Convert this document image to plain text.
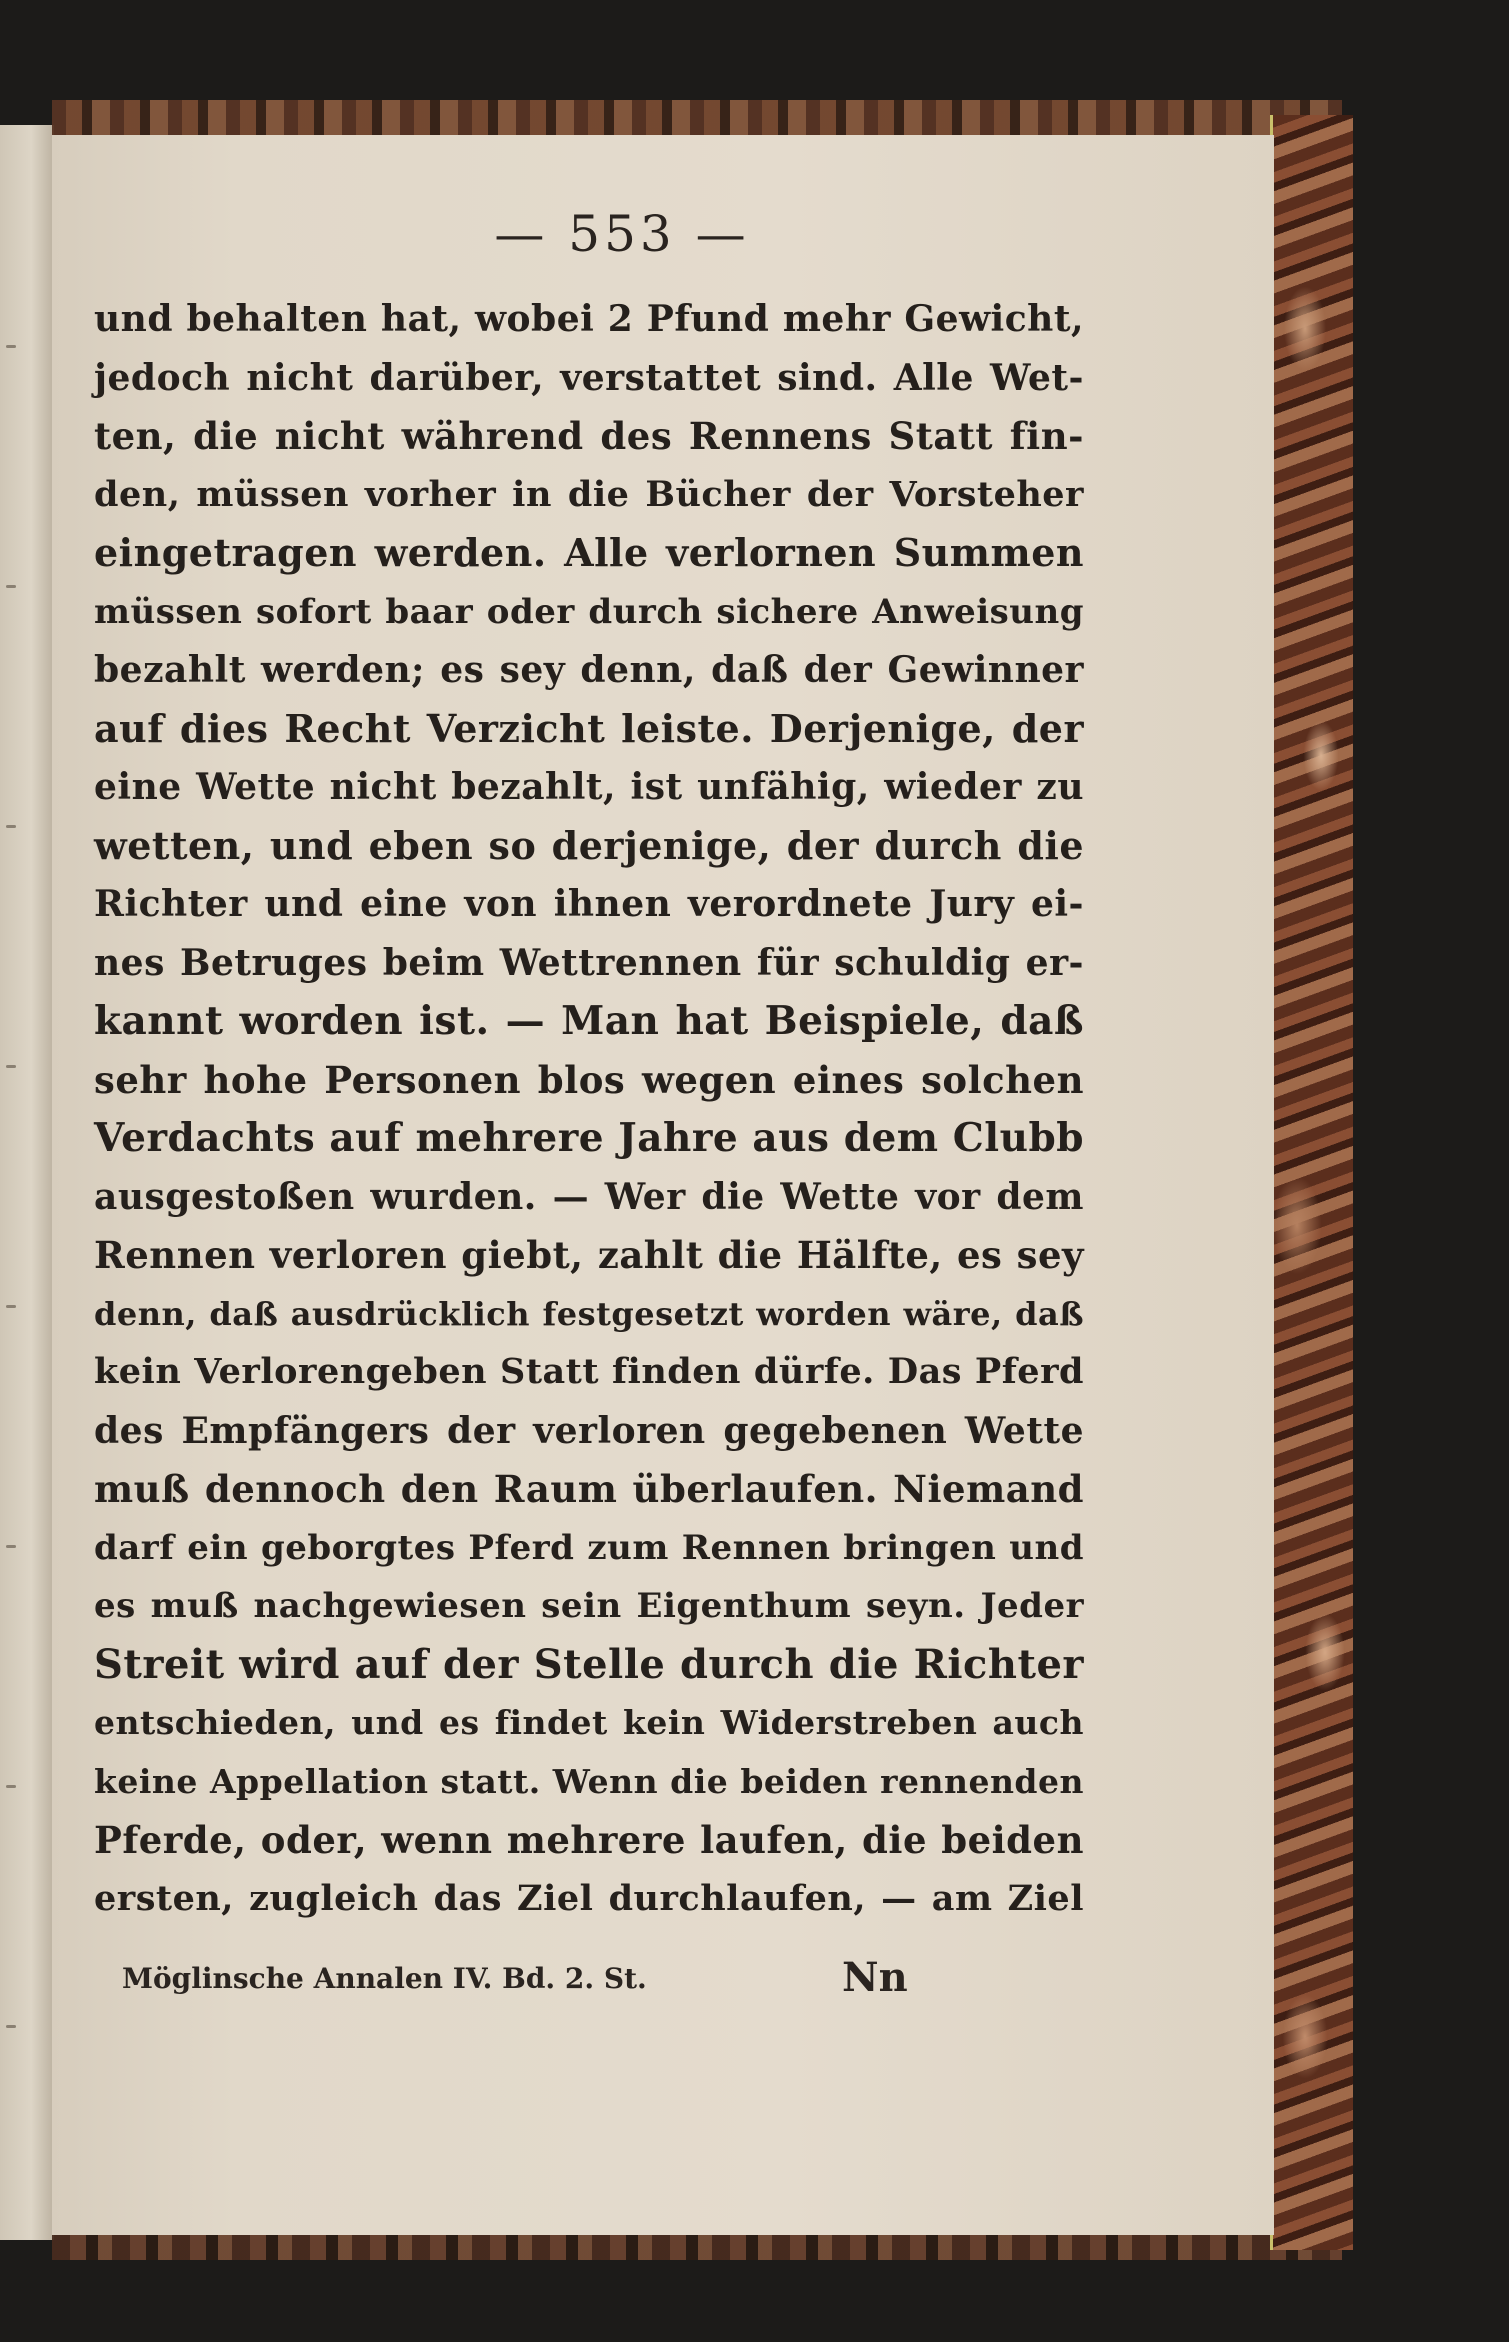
— 553 —
und behalten hat, wobei 2 Pfund mehr Gewicht,
jedoch nicht darüber, verstattet sind. Alle Wet-
ten, die nicht während des Rennens Statt fin-
den, müssen vorher in die Bücher der Vorsteher
eingetragen werden. Alle verlornen Summen
müssen sofort baar oder durch sichere Anweisung
bezahlt werden; es sey denn, daß der Gewinner
auf dies Recht Verzicht leiste. Derjenige, der
eine Wette nicht bezahlt, ist unfähig, wieder zu
wetten, und eben so derjenige, der durch die
Richter und eine von ihnen verordnete Jury ei-
nes Betruges beim Wettrennen für schuldig er-
kannt worden ist. — Man hat Beispiele, daß
sehr hohe Personen blos wegen eines solchen
Verdachts auf mehrere Jahre aus dem Clubb
ausgestoßen wurden. — Wer die Wette vor dem
Rennen verloren giebt, zahlt die Hälfte, es sey
denn, daß ausdrücklich festgesetzt worden wäre, daß
kein Verlorengeben Statt finden dürfe. Das Pferd
des Empfängers der verloren gegebenen Wette
muß dennoch den Raum überlaufen. Niemand
darf ein geborgtes Pferd zum Rennen bringen und
es muß nachgewiesen sein Eigenthum seyn. Jeder
Streit wird auf der Stelle durch die Richter
entschieden, und es findet kein Widerstreben auch
keine Appellation statt. Wenn die beiden rennenden
Pferde, oder, wenn mehrere laufen, die beiden
ersten, zugleich das Ziel durchlaufen, — am Ziel
Möglinsche Annalen IV. Bd. 2. St.	Nn
